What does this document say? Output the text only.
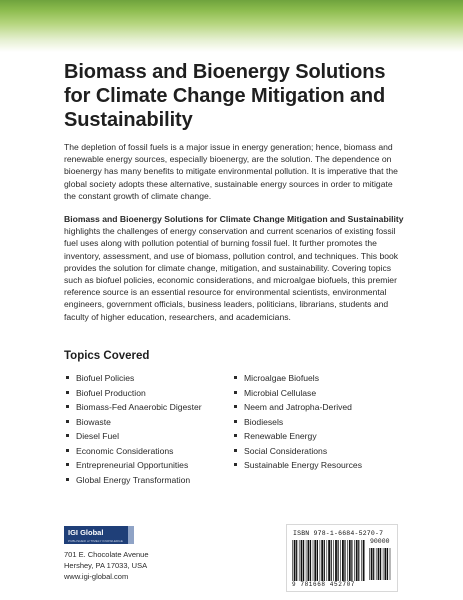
Biomass and Bioenergy Solutions for Climate Change Mitigation and Sustainability
The depletion of fossil fuels is a major issue in energy generation; hence, biomass and renewable energy sources, especially bioenergy, are the solution. The dependence on bioenergy has many benefits to mitigate environmental pollution. It is imperative that the global society adopts these alternative, sustainable energy sources in order to mitigate the constant growth of climate change.
Biomass and Bioenergy Solutions for Climate Change Mitigation and Sustainability highlights the challenges of energy conservation and current scenarios of existing fossil fuel uses along with pollution potential of burning fossil fuel. It further promotes the inventory, assessment, and use of biomass, pollution control, and techniques. This book provides the solution for climate change, mitigation, and sustainability. Covering topics such as biofuel policies, economic considerations, and microalgae biofuels, this premier reference source is an essential resource for environmental scientists, environmental engineers, government officials, business leaders, politicians, librarians, students and faculty of higher education, researchers, and academicians.
Topics Covered
Biofuel Policies
Biofuel Production
Biomass-Fed Anaerobic Digester
Biowaste
Diesel Fuel
Economic Considerations
Entrepreneurial Opportunities
Global Energy Transformation
Microalgae Biofuels
Microbial Cellulase
Neem and Jatropha-Derived
Biodiesels
Renewable Energy
Social Considerations
Sustainable Energy Resources
IGI Global
PUBLISHER of TIMELY KNOWLEDGE
701 E. Chocolate Avenue
Hershey, PA 17033, USA
www.igi-global.com
ISBN 978-1-6684-5270-7
90000
9 781668 452707
